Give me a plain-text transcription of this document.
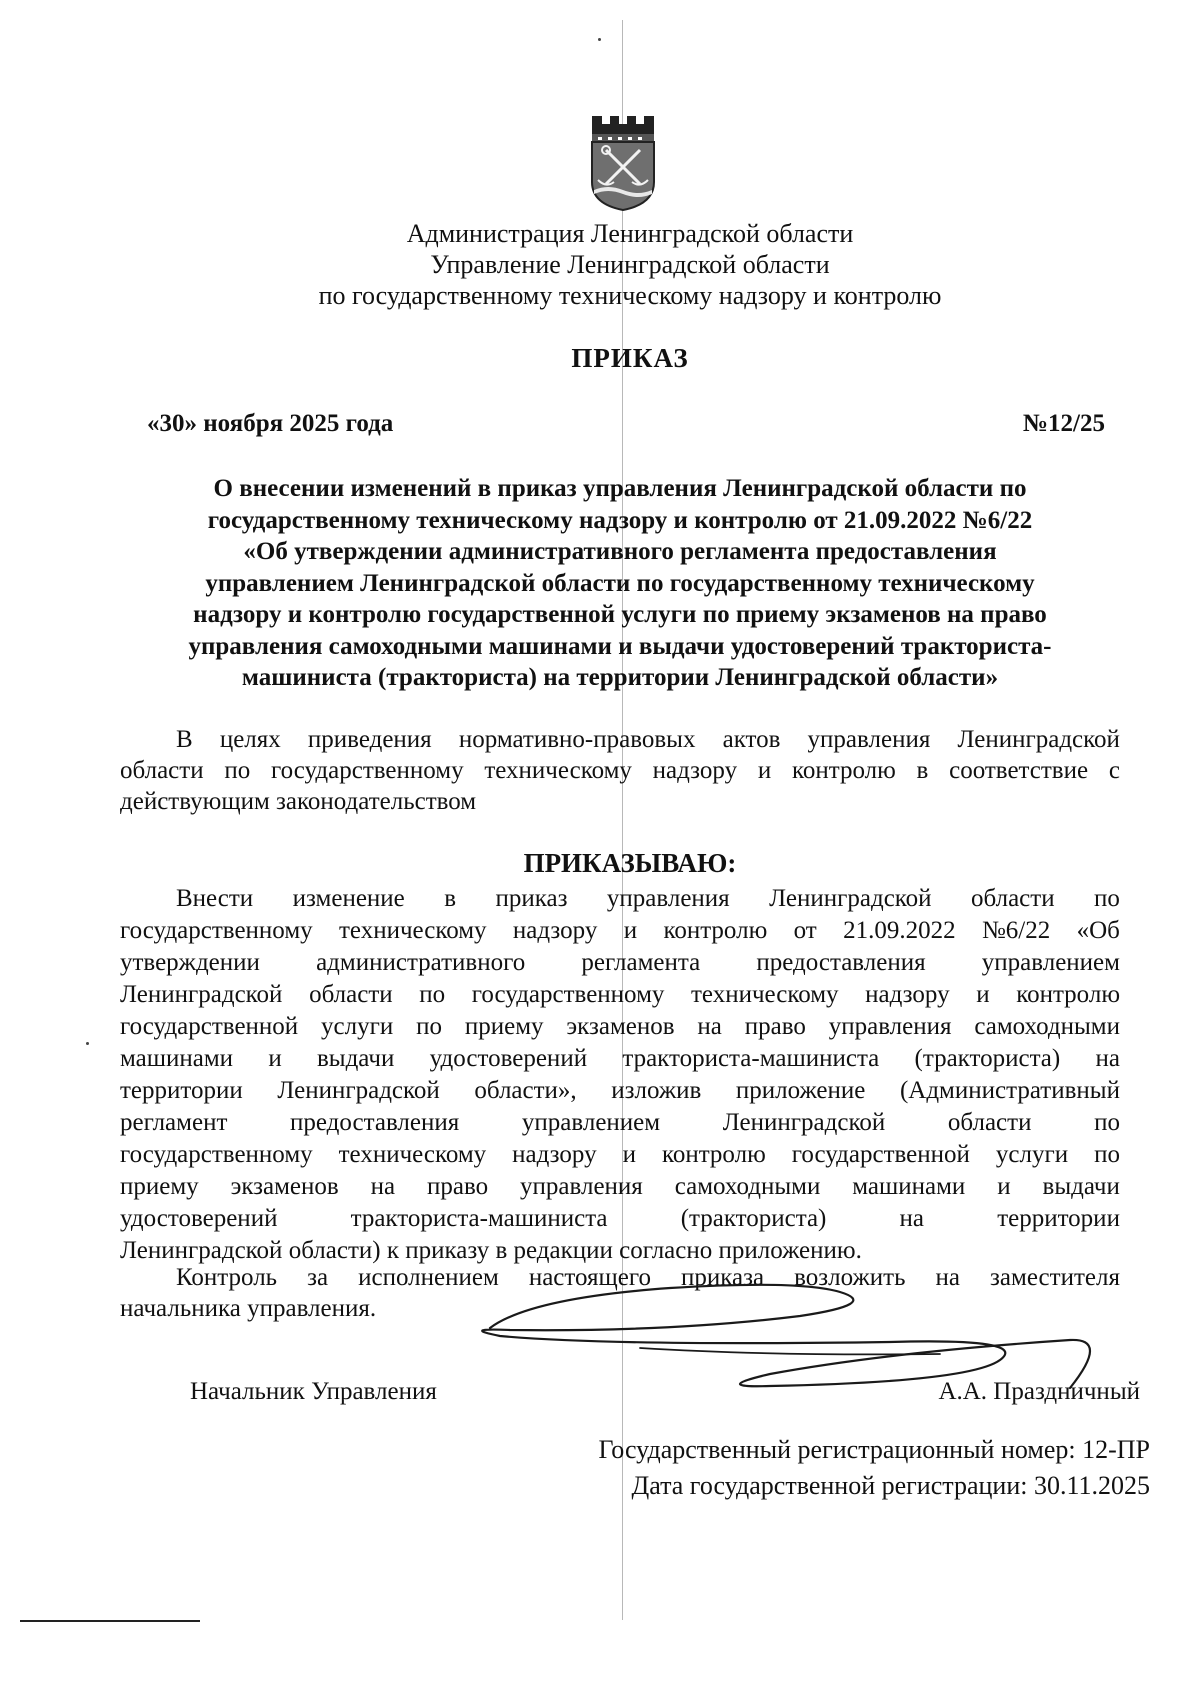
Администрация Ленинградской области
Управление Ленинградской области
по государственному техническому надзору и контролю
ПРИКАЗ
«30» ноября 2025 года	№12/25
О внесении изменений в приказ управления Ленинградской области по
государственному техническому надзору и контролю от 21.09.2022 №6/22
«Об утверждении административного регламента предоставления
управлением Ленинградской области по государственному техническому
надзору и контролю государственной услуги по приему экзаменов на право
управления самоходными машинами и выдачи удостоверений тракториста-
машиниста (тракториста) на территории Ленинградской области»
В целях приведения нормативно-правовых актов управления Ленинградской
области по государственному техническому надзору и контролю в соответствие с
действующим законодательством
ПРИКАЗЫВАЮ:
Внести изменение в приказ управления Ленинградской области по
государственному техническому надзору и контролю от 21.09.2022 №6/22 «Об
утверждении административного регламента предоставления управлением
Ленинградской области по государственному техническому надзору и контролю
государственной услуги по приему экзаменов на право управления самоходными
машинами и выдачи удостоверений тракториста-машиниста (тракториста) на
территории Ленинградской области», изложив приложение (Административный
регламент	предоставления	управлением	Ленинградской	области	по
государственному техническому надзору и контролю государственной услуги по
приему экзаменов на право управления самоходными машинами и выдачи
удостоверений	тракториста-машиниста	(тракториста)	на	территории
Ленинградской области) к приказу в редакции согласно приложению.
Контроль за исполнением настоящего приказа возложить на заместителя
начальника управления.
Начальник Управления	А.А. Праздничный
Государственный регистрационный номер: 12-ПР
Дата государственной регистрации: 30.11.2025
